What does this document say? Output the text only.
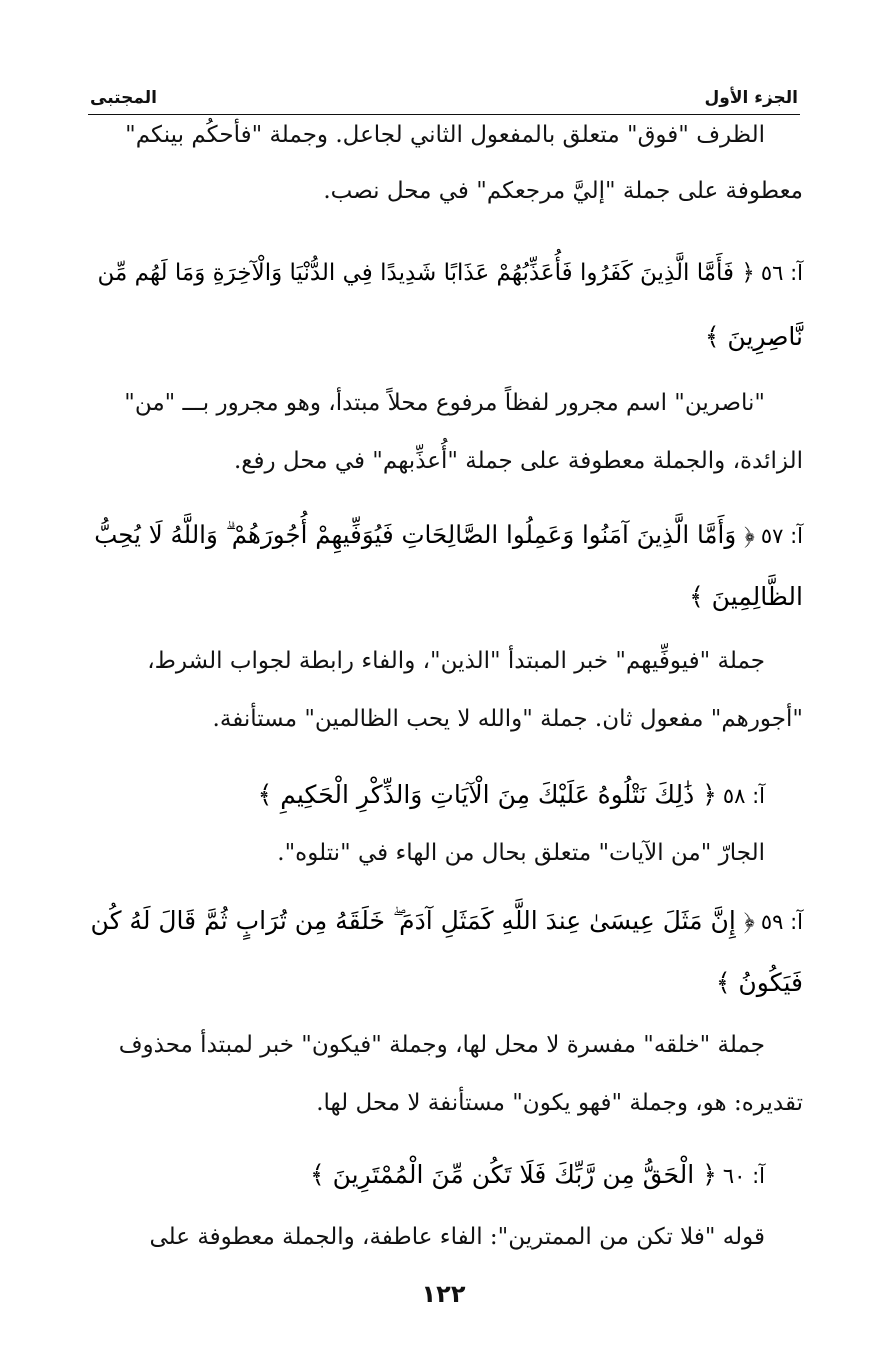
الجزء الأول
المجتبى
الظرف "فوق" متعلق بالمفعول الثاني لجاعل. وجملة "فأحكُم بينكم"
معطوفة على جملة "إليَّ مرجعكم" في محل نصب.
آ: ٥٦﴿ فَأَمَّا الَّذِينَ كَفَرُوا فَأُعَذِّبُهُمْ عَذَابًا شَدِيدًا فِي الدُّنْيَا وَالْآخِرَةِ وَمَا لَهُم مِّن
نَّاصِرِينَ ﴾
"ناصرين" اسم مجرور لفظاً مرفوع محلاً مبتدأ، وهو مجرور بـــ "من"
الزائدة، والجملة معطوفة على جملة "أُعذِّبهم" في محل رفع.
آ: ٥٧﴿ وَأَمَّا الَّذِينَ آمَنُوا وَعَمِلُوا الصَّالِحَاتِ فَيُوَفِّيهِمْ أُجُورَهُمْ ۗ وَاللَّهُ لَا يُحِبُّ
الظَّالِمِينَ ﴾
جملة "فيوفِّيهم" خبر المبتدأ "الذين"، والفاء رابطة لجواب الشرط،
"أجورهم" مفعول ثان. جملة "والله لا يحب الظالمين" مستأنفة.
آ: ٥٨﴿ ذَٰلِكَ نَتْلُوهُ عَلَيْكَ مِنَ الْآيَاتِ وَالذِّكْرِ الْحَكِيمِ ﴾
الجارّ "من الآيات" متعلق بحال من الهاء في "نتلوه".
آ: ٥٩﴿ إِنَّ مَثَلَ عِيسَىٰ عِندَ اللَّهِ كَمَثَلِ آدَمَ ۖ خَلَقَهُ مِن تُرَابٍ ثُمَّ قَالَ لَهُ كُن
فَيَكُونُ ﴾
جملة "خلقه" مفسرة لا محل لها، وجملة "فيكون" خبر لمبتدأ محذوف
تقديره: هو، وجملة "فهو يكون" مستأنفة لا محل لها.
آ: ٦٠﴿ الْحَقُّ مِن رَّبِّكَ فَلَا تَكُن مِّنَ الْمُمْتَرِينَ ﴾
قوله "فلا تكن من الممترين": الفاء عاطفة، والجملة معطوفة على
١٢٢
